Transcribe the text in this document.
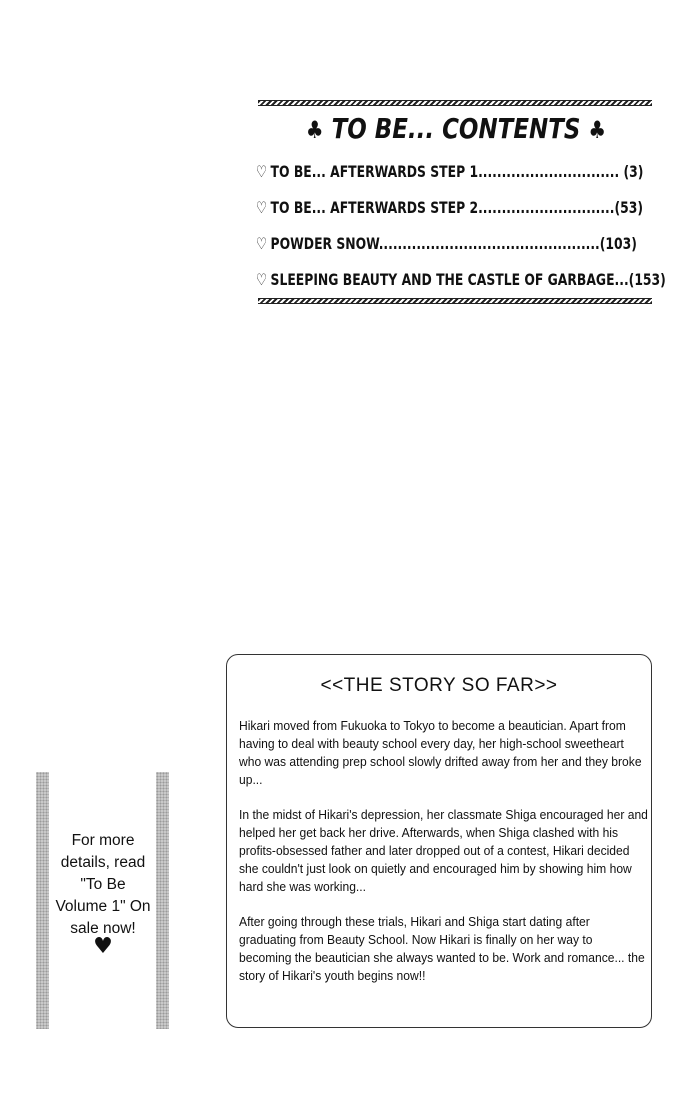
♣ TO BE... CONTENTS ♣
♡ TO BE... AFTERWARDS STEP 1.............................. (3)
♡ TO BE... AFTERWARDS STEP 2.............................(53)
♡ POWDER SNOW...............................................(103)
♡ SLEEPING BEAUTY AND THE CASTLE OF GARBAGE...(153)
For more
details, read
"To Be
Volume 1" On
sale now!
♥
<<THE STORY SO FAR>>

Hikari moved from Fukuoka to Tokyo to become a beautician. Apart from having to deal with beauty school every day, her high-school sweetheart who was attending prep school slowly drifted away from her and they broke up...

In the midst of Hikari's depression, her classmate Shiga encouraged her and helped her get back her drive. Afterwards, when Shiga clashed with his profits-obsessed father and later dropped out of a contest, Hikari decided she couldn't just look on quietly and encouraged him by showing him how hard she was working...

After going through these trials, Hikari and Shiga start dating after graduating from Beauty School. Now Hikari is finally on her way to becoming the beautician she always wanted to be. Work and romance... the story of Hikari's youth begins now!!
